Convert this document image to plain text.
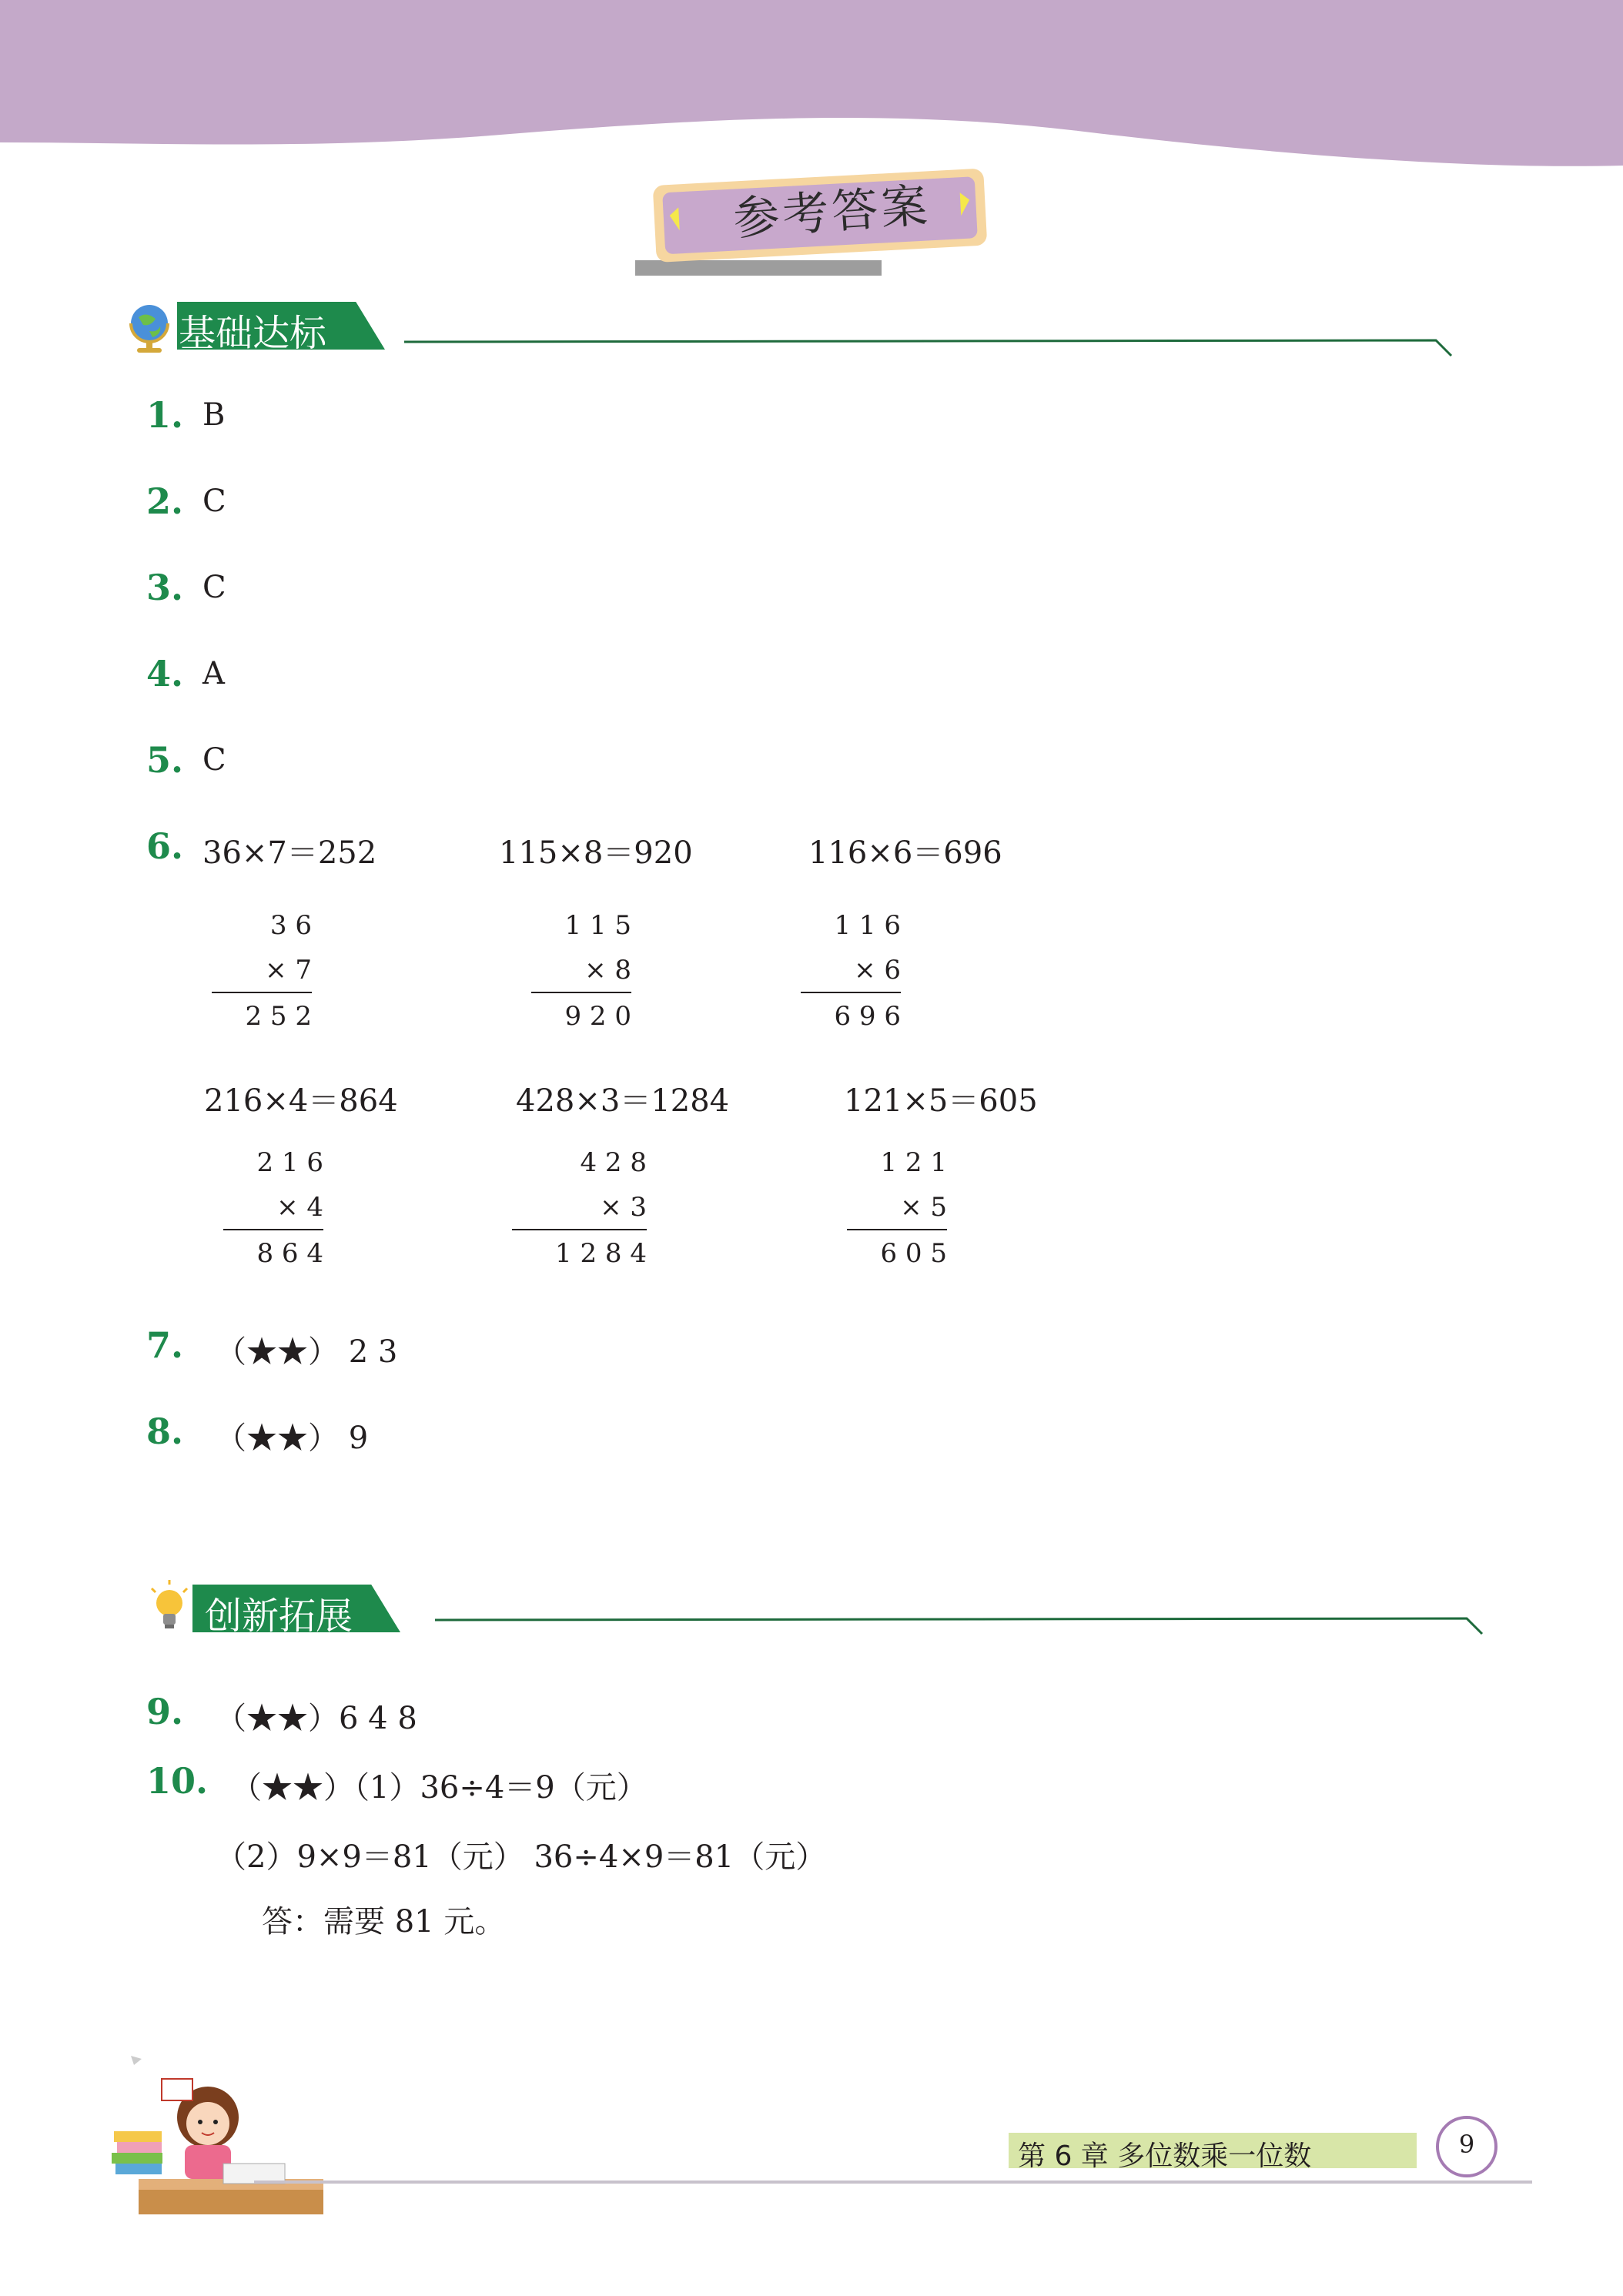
参考答案
基础达标
1. B
2. C
3. C
4. A
5. C
6. 36×7＝252	115×8＝920	116×6＝696
216×4＝864	428×3＝1284	121×5＝605
3 6
× 7
2 5 2
1 1 5
× 8
9 2 0
1 1 6
× 6
6 9 6
2 1 6
× 4
8 6 4
4 2 8
× 3
1 2 8 4
1 2 1
× 5
6 0 5
7. （★★） 2 3
8. （★★） 9
创新拓展
9. （★★）6 4 8
10. （★★）（1）36÷4＝9（元）
（2）9×9＝81（元） 36÷4×9＝81（元）
答：需要 81 元。
第 6 章 多位数乘一位数	9
